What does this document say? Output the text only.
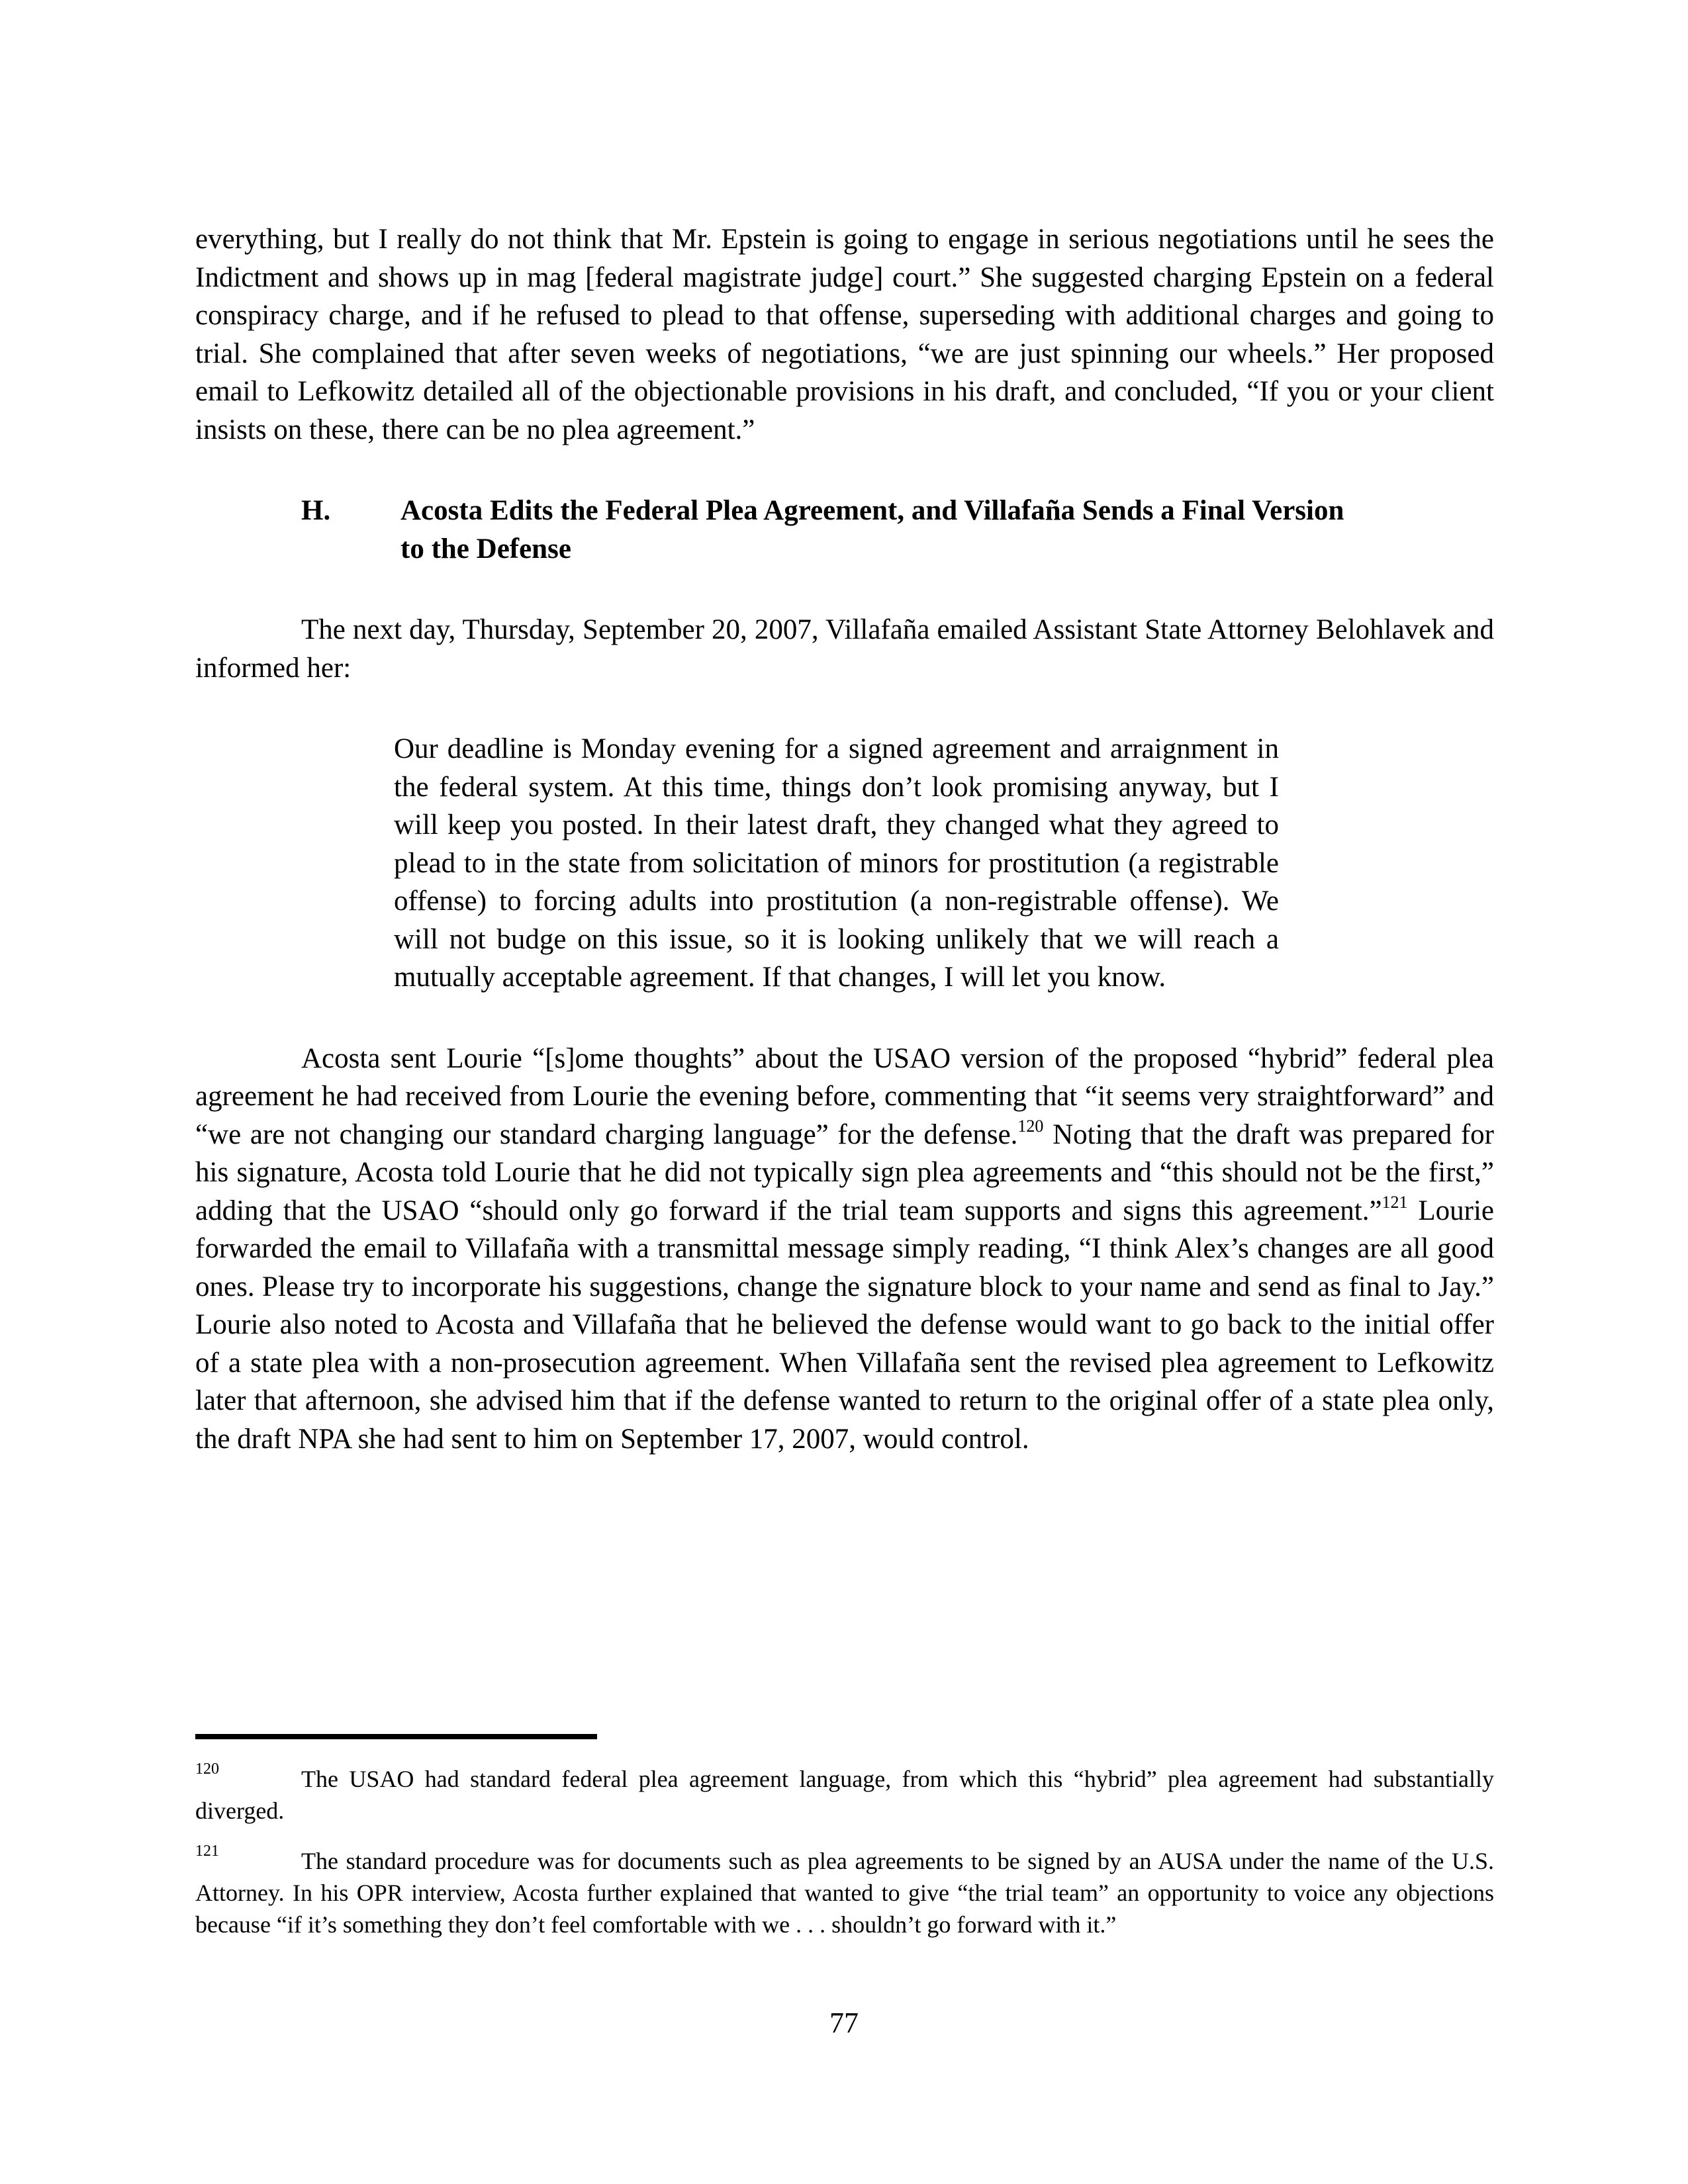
everything, but I really do not think that Mr. Epstein is going to engage in serious negotiations until he sees the Indictment and shows up in mag [federal magistrate judge] court.” She suggested charging Epstein on a federal conspiracy charge, and if he refused to plead to that offense, superseding with additional charges and going to trial. She complained that after seven weeks of negotiations, “we are just spinning our wheels.” Her proposed email to Lefkowitz detailed all of the objectionable provisions in his draft, and concluded, “If you or your client insists on these, there can be no plea agreement.”

H. Acosta Edits the Federal Plea Agreement, and Villafaña Sends a Final Version
to the Defense

The next day, Thursday, September 20, 2007, Villafaña emailed Assistant State Attorney Belohlavek and informed her:

Our deadline is Monday evening for a signed agreement and arraignment in the federal system. At this time, things don’t look promising anyway, but I will keep you posted. In their latest draft, they changed what they agreed to plead to in the state from solicitation of minors for prostitution (a registrable offense) to forcing adults into prostitution (a non-registrable offense). We will not budge on this issue, so it is looking unlikely that we will reach a mutually acceptable agreement. If that changes, I will let you know.

Acosta sent Lourie “[s]ome thoughts” about the USAO version of the proposed “hybrid” federal plea agreement he had received from Lourie the evening before, commenting that “it seems very straightforward” and “we are not changing our standard charging language” for the defense.$^{120}$ Noting that the draft was prepared for his signature, Acosta told Lourie that he did not typically sign plea agreements and “this should not be the first,” adding that the USAO “should only go forward if the trial team supports and signs this agreement.”$^{121}$ Lourie forwarded the email to Villafaña with a transmittal message simply reading, “I think Alex’s changes are all good ones. Please try to incorporate his suggestions, change the signature block to your name and send as final to Jay.” Lourie also noted to Acosta and Villafaña that he believed the defense would want to go back to the initial offer of a state plea with a non-prosecution agreement. When Villafaña sent the revised plea agreement to Lefkowitz later that afternoon, she advised him that if the defense wanted to return to the original offer of a state plea only, the draft NPA she had sent to him on September 17, 2007, would control.

120	The USAO had standard federal plea agreement language, from which this “hybrid” plea agreement had substantially diverged.
121	The standard procedure was for documents such as plea agreements to be signed by an AUSA under the name of the U.S. Attorney. In his OPR interview, Acosta further explained that wanted to give “the trial team” an opportunity to voice any objections because “if it’s something they don’t feel comfortable with we . . . shouldn’t go forward with it.”
77
